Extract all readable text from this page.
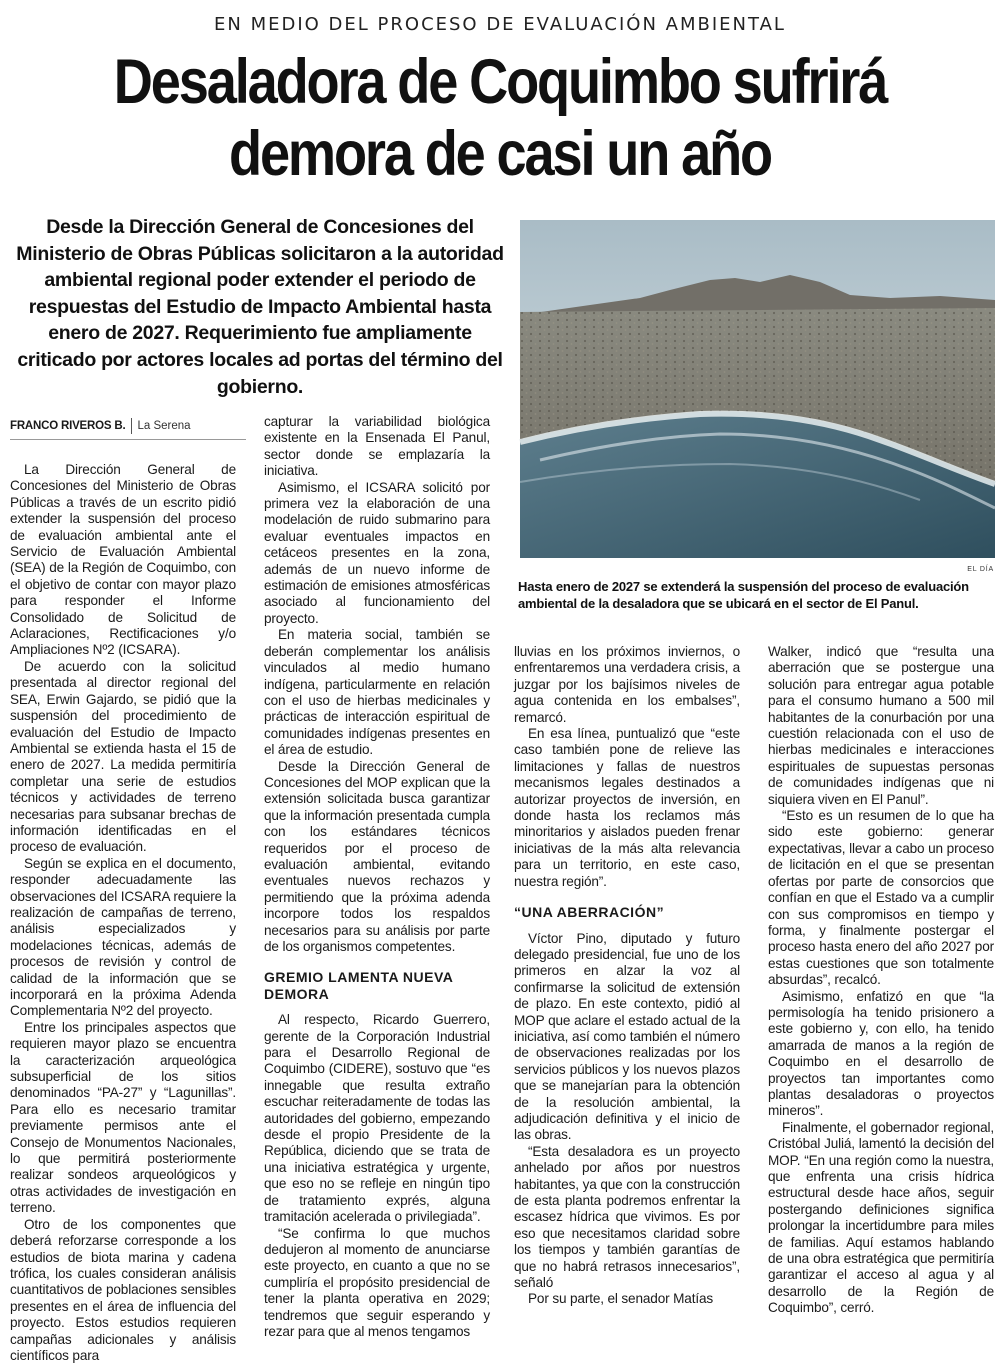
EN MEDIO DEL PROCESO DE EVALUACIÓN AMBIENTAL
Desaladora de Coquimbo sufrirá
demora de casi un año
Desde la Dirección General de Concesiones del Ministerio de Obras Públicas solicitaron a la autoridad ambiental regional poder extender el periodo de respuestas del Estudio de Impacto Ambiental hasta enero de 2027. Requerimiento fue ampliamente criticado por actores locales ad portas del término del gobierno.
EL DÍA
Hasta enero de 2027 se extenderá la suspensión del proceso de evaluación ambiental de la desaladora que se ubicará en el sector de El Panul.
FRANCO RIVEROS B. La Serena

La Dirección General de Concesiones del Ministerio de Obras Públicas a través de un escrito pidió extender la suspensión del proceso de evaluación ambiental ante el Servicio de Evaluación Ambiental (SEA) de la Región de Coquimbo, con el objetivo de contar con mayor plazo para responder el Informe Consolidado de Solicitud de Aclaraciones, Rectificaciones y/o Ampliaciones Nº2 (ICSARA).

De acuerdo con la solicitud presentada al director regional del SEA, Erwin Gajardo, se pidió que la suspensión del procedimiento de evaluación del Estudio de Impacto Ambiental se extienda hasta el 15 de enero de 2027. La medida permitiría completar una serie de estudios técnicos y actividades de terreno necesarias para subsanar brechas de información identificadas en el proceso de evaluación.

Según se explica en el documento, responder adecuadamente las observaciones del ICSARA requiere la realización de campañas de terreno, análisis especializados y modelaciones técnicas, además de procesos de revisión y control de calidad de la información que se incorporará en la próxima Adenda Complementaria Nº2 del proyecto.

Entre los principales aspectos que requieren mayor plazo se encuentra la caracterización arqueológica subsuperficial de los sitios denominados “PA-27” y “Lagunillas”. Para ello es necesario tramitar previamente permisos ante el Consejo de Monumentos Nacionales, lo que permitirá posteriormente realizar sondeos arqueológicos y otras actividades de investigación en terreno.

Otro de los componentes que deberá reforzarse corresponde a los estudios de biota marina y cadena trófica, los cuales consideran análisis cuantitativos de poblaciones sensibles presentes en el área de influencia del proyecto. Estos estudios requieren campañas adicionales y análisis científicos para

capturar la variabilidad biológica existente en la Ensenada El Panul, sector donde se emplazaría la iniciativa.

Asimismo, el ICSARA solicitó por primera vez la elaboración de una modelación de ruido submarino para evaluar eventuales impactos en cetáceos presentes en la zona, además de un nuevo informe de estimación de emisiones atmosféricas asociado al funcionamiento del proyecto.

En materia social, también se deberán complementar los análisis vinculados al medio humano indígena, particularmente en relación con el uso de hierbas medicinales y prácticas de interacción espiritual de comunidades indígenas presentes en el área de estudio.

Desde la Dirección General de Concesiones del MOP explican que la extensión solicitada busca garantizar que la información presentada cumpla con los estándares técnicos requeridos por el proceso de evaluación ambiental, evitando eventuales nuevos rechazos y permitiendo que la próxima adenda incorpore todos los respaldos necesarios para su análisis por parte de los organismos competentes.

GREMIO LAMENTA NUEVA DEMORA

Al respecto, Ricardo Guerrero, gerente de la Corporación Industrial para el Desarrollo Regional de Coquimbo (CIDERE), sostuvo que “es innegable que resulta extraño escuchar reiteradamente de todas las autoridades del gobierno, empezando desde el propio Presidente de la República, diciendo que se trata de una iniciativa estratégica y urgente, que eso no se refleje en ningún tipo de tratamiento exprés, alguna tramitación acelerada o privilegiada”.

“Se confirma lo que muchos dedujeron al momento de anunciarse este proyecto, en cuanto a que no se cumpliría el propósito presidencial de tener la planta operativa en 2029; tendremos que seguir esperando y rezar para que al menos tengamos

lluvias en los próximos inviernos, o enfrentaremos una verdadera crisis, a juzgar por los bajísimos niveles de agua contenida en los embalses”, remarcó.

En esa línea, puntualizó que “este caso también pone de relieve las limitaciones y fallas de nuestros mecanismos legales destinados a autorizar proyectos de inversión, en donde hasta los reclamos más minoritarios y aislados pueden frenar iniciativas de la más alta relevancia para un territorio, en este caso, nuestra región”.

“UNA ABERRACIÓN”

Víctor Pino, diputado y futuro delegado presidencial, fue uno de los primeros en alzar la voz al confirmarse la solicitud de extensión de plazo. En este contexto, pidió al MOP que aclare el estado actual de la iniciativa, así como también el número de observaciones realizadas por los servicios públicos y los nuevos plazos que se manejarían para la obtención de la resolución ambiental, la adjudicación definitiva y el inicio de las obras.

“Esta desaladora es un proyecto anhelado por años por nuestros habitantes, ya que con la construcción de esta planta podremos enfrentar la escasez hídrica que vivimos. Es por eso que necesitamos claridad sobre los tiempos y también garantías de que no habrá retrasos innecesarios”, señaló

Por su parte, el senador Matías

Walker, indicó que “resulta una aberración que se postergue una solución para entregar agua potable para el consumo humano a 500 mil habitantes de la conurbación por una cuestión relacionada con el uso de hierbas medicinales e interacciones espirituales de supuestas personas de comunidades indígenas que ni siquiera viven en El Panul”.

“Esto es un resumen de lo que ha sido este gobierno: generar expectativas, llevar a cabo un proceso de licitación en el que se presentan ofertas por parte de consorcios que confían en que el Estado va a cumplir con sus compromisos en tiempo y forma, y finalmente postergar el proceso hasta enero del año 2027 por estas cuestiones que son totalmente absurdas”, recalcó.

Asimismo, enfatizó en que “la permisología ha tenido prisionero a este gobierno y, con ello, ha tenido amarrada de manos a la región de Coquimbo en el desarrollo de proyectos tan importantes como plantas desaladoras o proyectos mineros”.

Finalmente, el gobernador regional, Cristóbal Juliá, lamentó la decisión del MOP. “En una región como la nuestra, que enfrenta una crisis hídrica estructural desde hace años, seguir postergando definiciones significa prolongar la incertidumbre para miles de familias. Aquí estamos hablando de una obra estratégica que permitiría garantizar el acceso al agua y al desarrollo de la Región de Coquimbo”, cerró.
